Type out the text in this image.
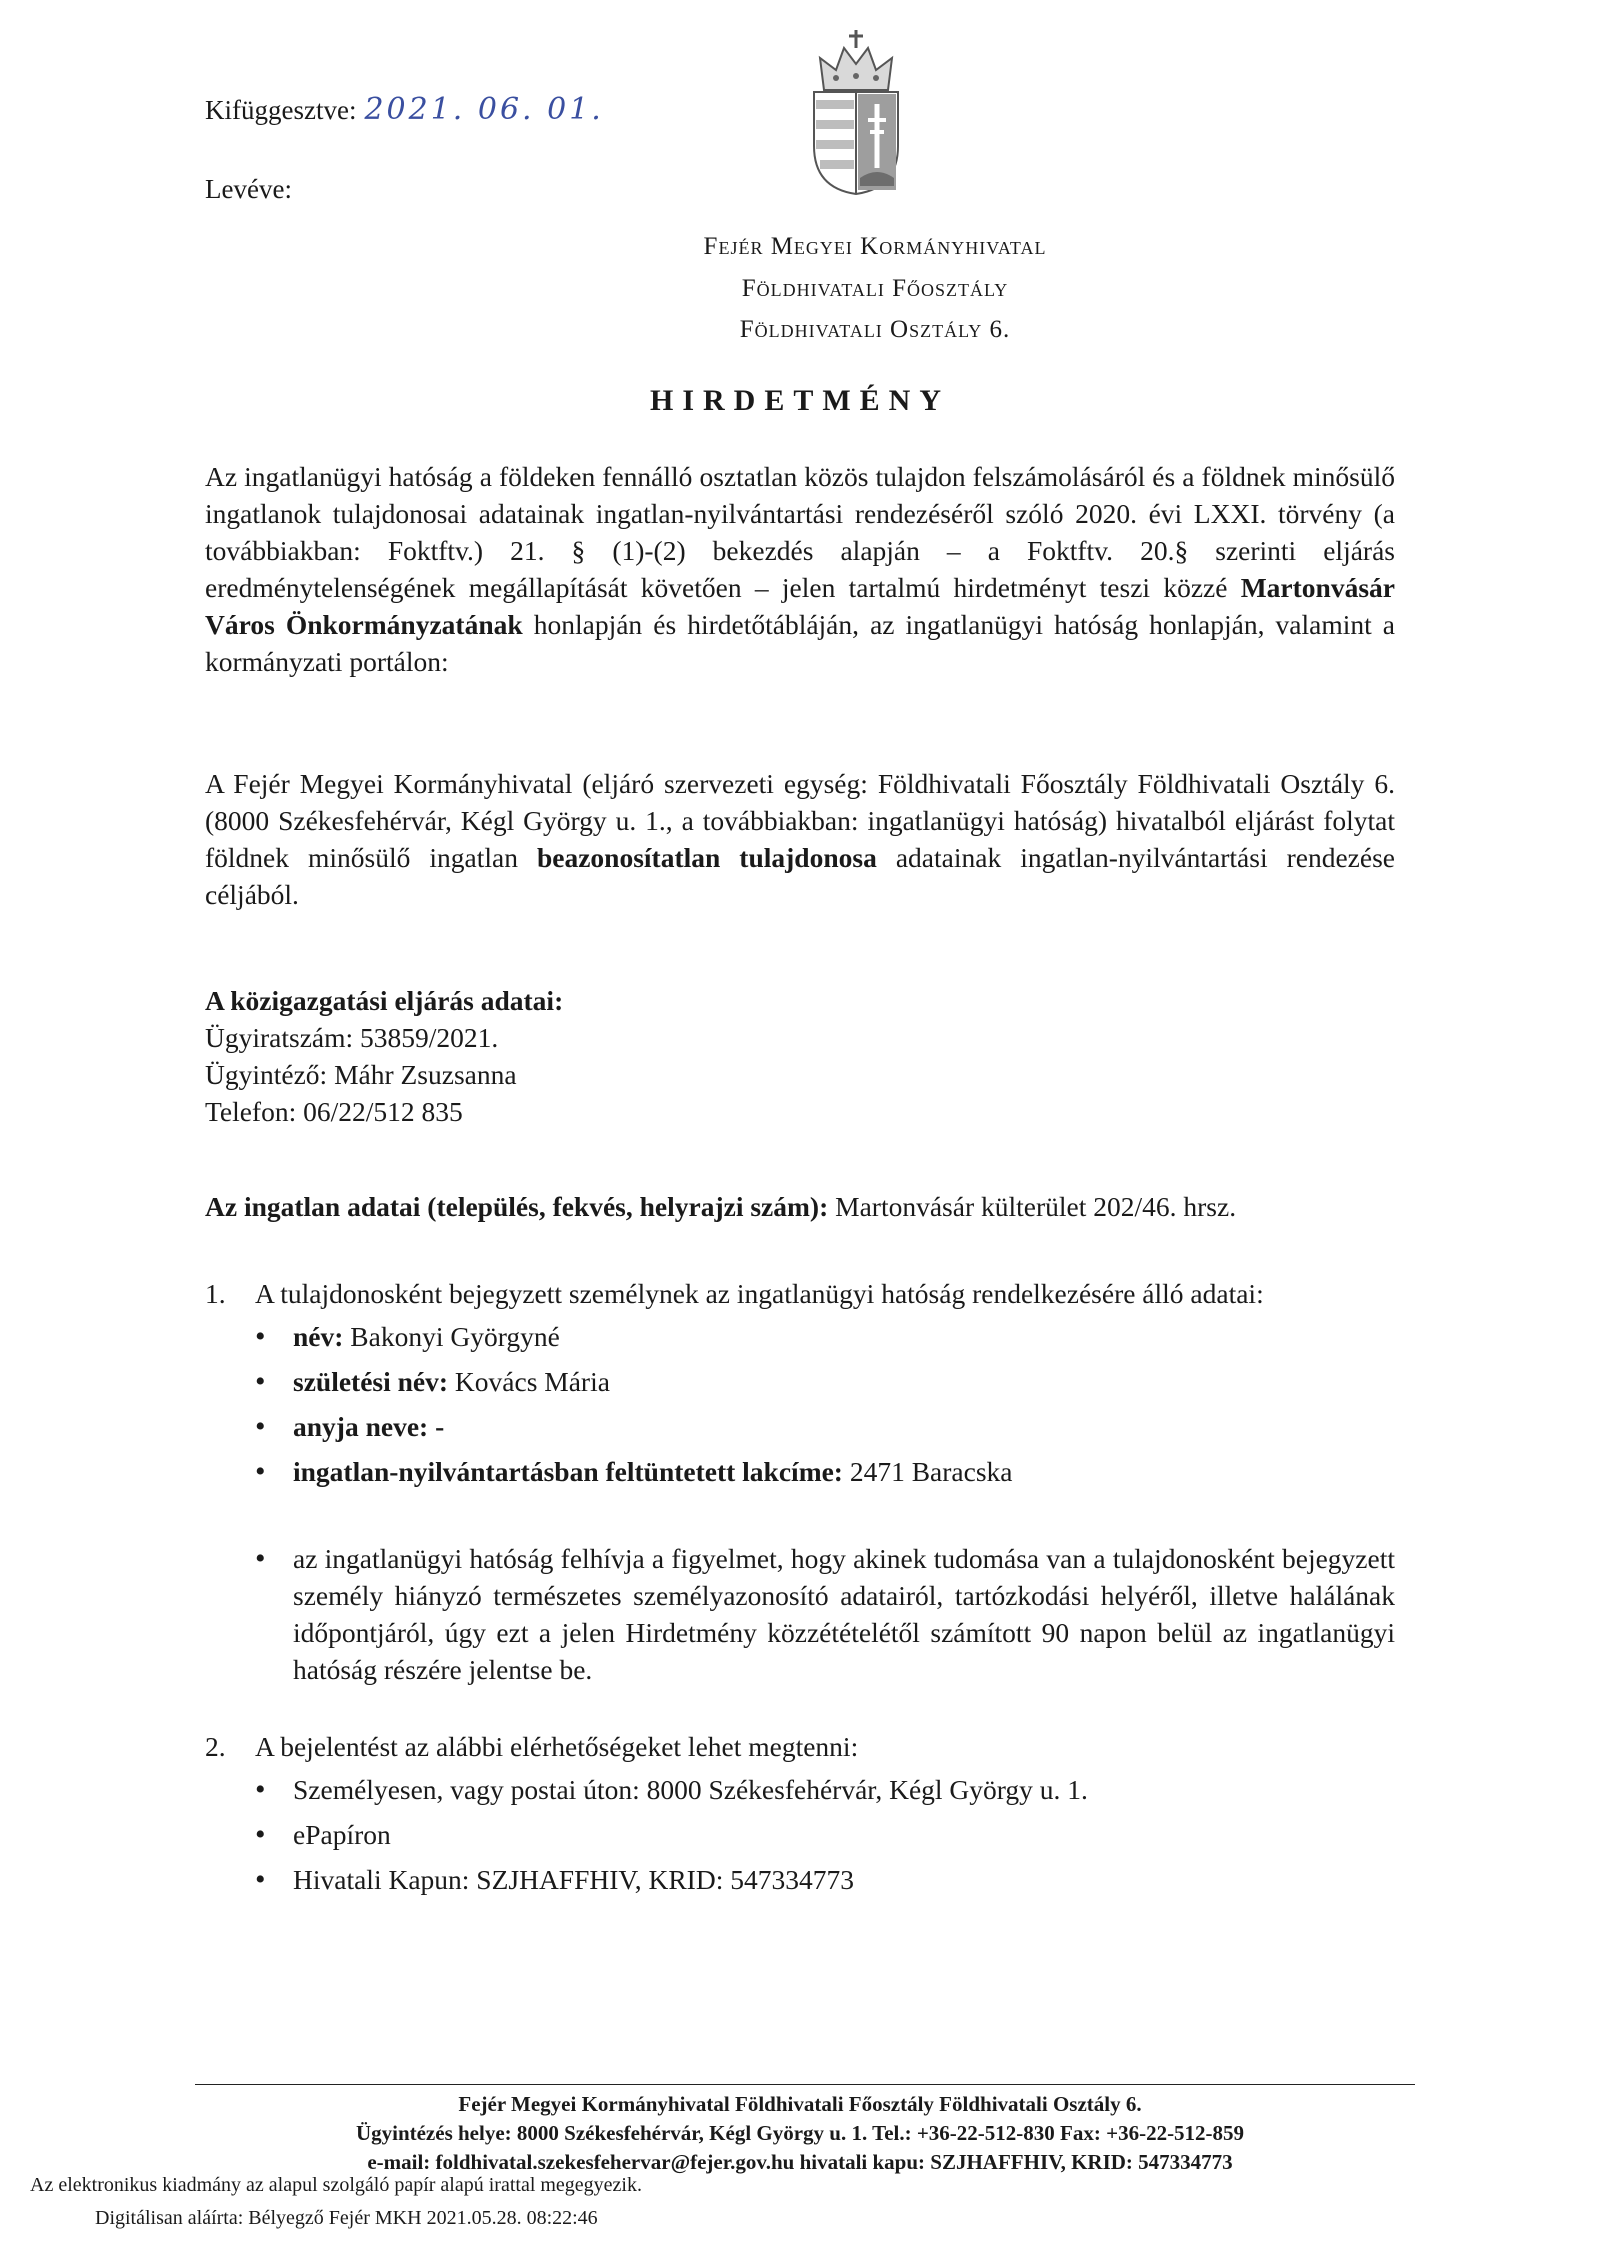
Kifüggesztve: 2021. 06. 01.
Levéve:
Fejér Megyei Kormányhivatal
Földhivatali Főosztály
Földhivatali Osztály 6.
HIRDETMÉNY
Az ingatlanügyi hatóság a földeken fennálló osztatlan közös tulajdon felszámolásáról és a földnek minősülő ingatlanok tulajdonosai adatainak ingatlan-nyilvántartási rendezéséről szóló 2020. évi LXXI. törvény (a továbbiakban: Foktftv.) 21. § (1)-(2) bekezdés alapján – a Foktftv. 20.§ szerinti eljárás eredménytelenségének megállapítását követően – jelen tartalmú hirdetményt teszi közzé Martonvásár Város Önkormányzatának honlapján és hirdetőtábláján, az ingatlanügyi hatóság honlapján, valamint a kormányzati portálon:
A Fejér Megyei Kormányhivatal (eljáró szervezeti egység: Földhivatali Főosztály Földhivatali Osztály 6. (8000 Székesfehérvár, Kégl György u. 1., a továbbiakban: ingatlanügyi hatóság) hivatalból eljárást folytat földnek minősülő ingatlan beazonosítatlan tulajdonosa adatainak ingatlan-nyilvántartási rendezése céljából.
A közigazgatási eljárás adatai:
Ügyiratszám: 53859/2021.
Ügyintéző: Máhr Zsuzsanna
Telefon: 06/22/512 835
Az ingatlan adatai (település, fekvés, helyrajzi szám): Martonvásár külterület 202/46. hrsz.
1. A tulajdonosként bejegyzett személynek az ingatlanügyi hatóság rendelkezésére álló adatai:
• név: Bakonyi Györgyné
• születési név: Kovács Mária
• anyja neve: -
• ingatlan-nyilvántartásban feltüntetett lakcíme: 2471 Baracska
• az ingatlanügyi hatóság felhívja a figyelmet, hogy akinek tudomása van a tulajdonosként bejegyzett személy hiányzó természetes személyazonosító adatairól, tartózkodási helyéről, illetve halálának időpontjáról, úgy ezt a jelen Hirdetmény közzétételétől számított 90 napon belül az ingatlanügyi hatóság részére jelentse be.
2. A bejelentést az alábbi elérhetőségeket lehet megtenni:
• Személyesen, vagy postai úton: 8000 Székesfehérvár, Kégl György u. 1.
• ePapíron
• Hivatali Kapun: SZJHAFFHIV, KRID: 547334773
Fejér Megyei Kormányhivatal Földhivatali Főosztály Földhivatali Osztály 6.
Ügyintézés helye: 8000 Székesfehérvár, Kégl György u. 1. Tel.: +36-22-512-830 Fax: +36-22-512-859
e-mail: foldhivatal.szekesfehervar@fejer.gov.hu hivatali kapu: SZJHAFFHIV, KRID: 547334773
Az elektronikus kiadmány az alapul szolgáló papír alapú irattal megegyezik.
Digitálisan aláírta: Bélyegző Fejér MKH 2021.05.28. 08:22:46
